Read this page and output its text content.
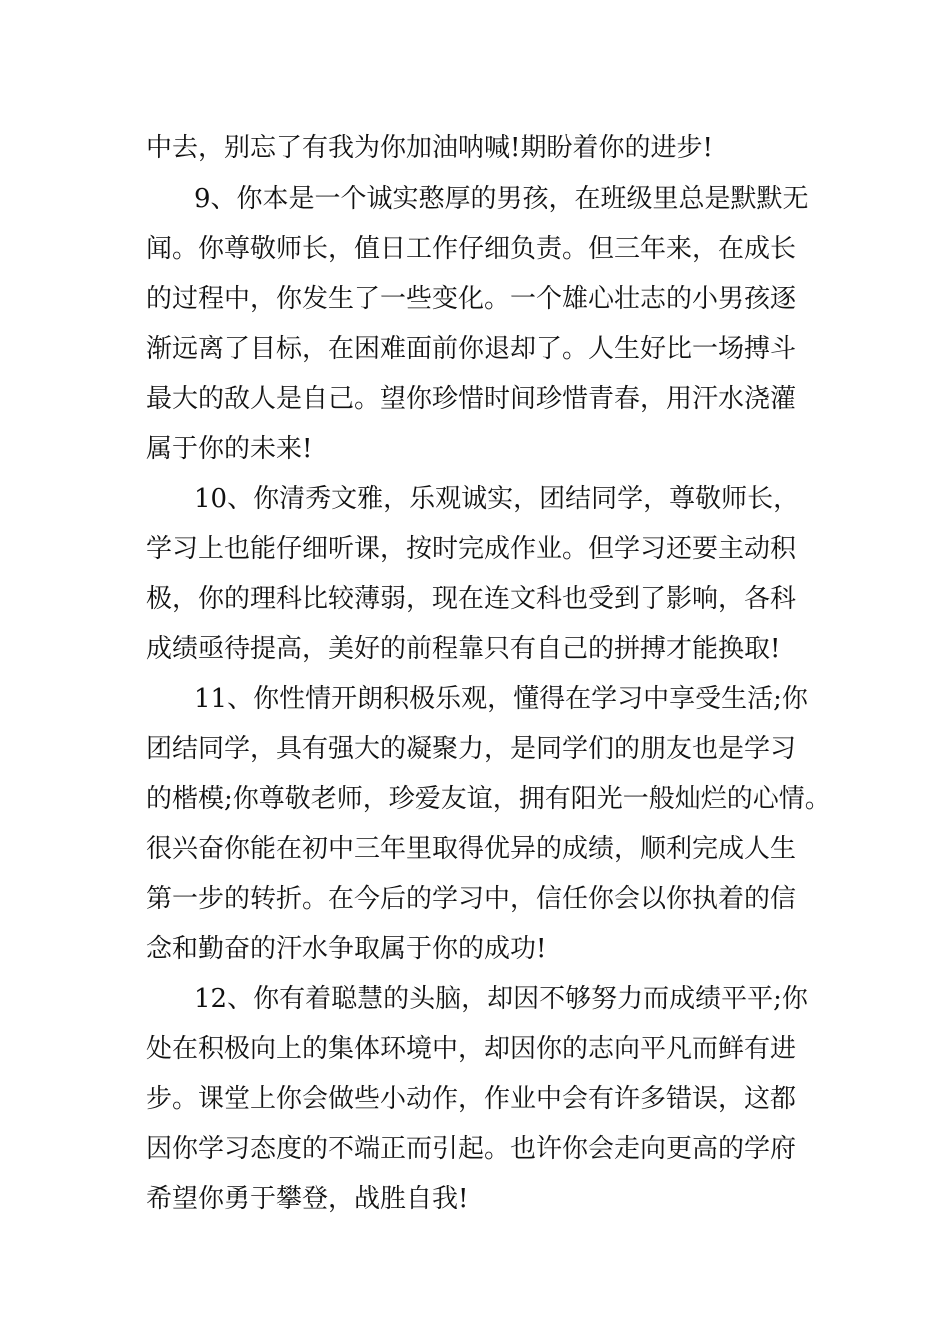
中去，别忘了有我为你加油呐喊!期盼着你的进步!

9、你本是一个诚实憨厚的男孩，在班级里总是默默无

闻。你尊敬师长，值日工作仔细负责。但三年来，在成长

的过程中，你发生了一些变化。一个雄心壮志的小男孩逐

渐远离了目标，在困难面前你退却了。人生好比一场搏斗

最大的敌人是自己。望你珍惜时间珍惜青春，用汗水浇灌

属于你的未来!

10、你清秀文雅，乐观诚实，团结同学，尊敬师长，

学习上也能仔细听课，按时完成作业。但学习还要主动积

极，你的理科比较薄弱，现在连文科也受到了影响，各科

成绩亟待提高，美好的前程靠只有自己的拼搏才能换取!

11、你性情开朗积极乐观，懂得在学习中享受生活;你

团结同学，具有强大的凝聚力，是同学们的朋友也是学习

的楷模;你尊敬老师，珍爱友谊，拥有阳光一般灿烂的心情。

很兴奋你能在初中三年里取得优异的成绩，顺利完成人生

第一步的转折。在今后的学习中，信任你会以你执着的信

念和勤奋的汗水争取属于你的成功!

12、你有着聪慧的头脑，却因不够努力而成绩平平;你

处在积极向上的集体环境中，却因你的志向平凡而鲜有进

步。课堂上你会做些小动作，作业中会有许多错误，这都

因你学习态度的不端正而引起。也许你会走向更高的学府

希望你勇于攀登，战胜自我!
